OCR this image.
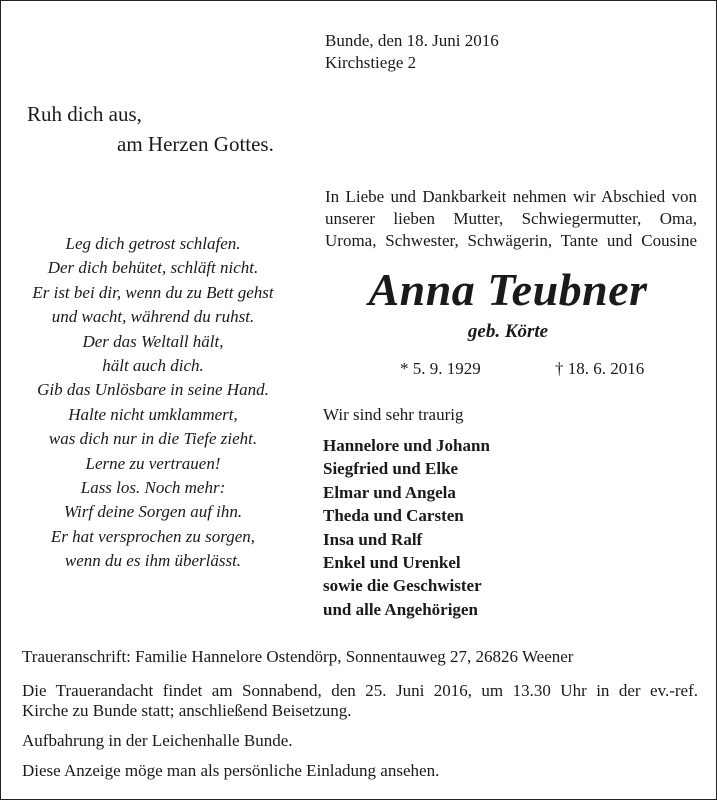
Bunde, den 18. Juni 2016
Kirchstiege 2
Ruh dich aus,
am Herzen Gottes.
In Liebe und Dankbarkeit nehmen wir Abschied von
unserer lieben Mutter, Schwiegermutter, Oma,
Uroma, Schwester, Schwägerin, Tante und Cousine
Leg dich getrost schlafen.
Der dich behütet, schläft nicht.
Er ist bei dir, wenn du zu Bett gehst
und wacht, während du ruhst.
Der das Weltall hält,
hält auch dich.
Gib das Unlösbare in seine Hand.
Halte nicht umklammert,
was dich nur in die Tiefe zieht.
Lerne zu vertrauen!
Lass los. Noch mehr:
Wirf deine Sorgen auf ihn.
Er hat versprochen zu sorgen,
wenn du es ihm überlässt.
Anna Teubner
geb. Körte
* 5. 9. 1929	† 18. 6. 2016
Wir sind sehr traurig
Hannelore und Johann
Siegfried und Elke
Elmar und Angela
Theda und Carsten
Insa und Ralf
Enkel und Urenkel
sowie die Geschwister
und alle Angehörigen
Traueranschrift: Familie Hannelore Ostendörp, Sonnentauweg 27, 26826 Weener
Die Trauerandacht findet am Sonnabend, den 25. Juni 2016, um 13.30 Uhr in der ev.-ref.
Kirche zu Bunde statt; anschließend Beisetzung.
Aufbahrung in der Leichenhalle Bunde.
Diese Anzeige möge man als persönliche Einladung ansehen.
